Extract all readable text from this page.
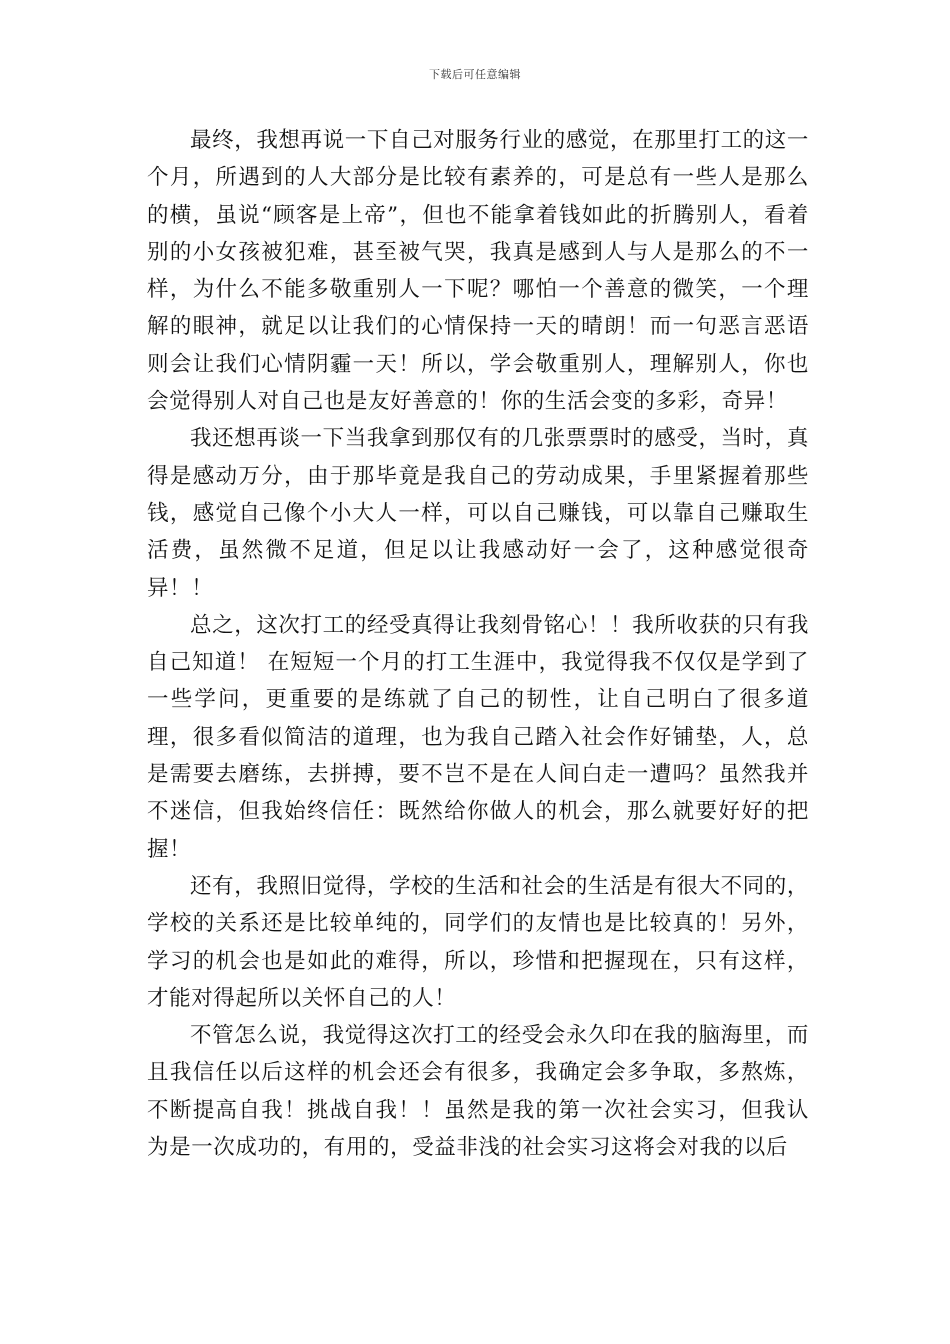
下载后可任意编辑

最终，我想再说一下自己对服务行业的感觉，在那里打工的这一个月，所遇到的人大部分是比较有素养的，可是总有一些人是那么的横，虽说“顾客是上帝”，但也不能拿着钱如此的折腾别人，看着别的小女孩被犯难，甚至被气哭，我真是感到人与人是那么的不一样，为什么不能多敬重别人一下呢？哪怕一个善意的微笑，一个理解的眼神，就足以让我们的心情保持一天的晴朗！而一句恶言恶语则会让我们心情阴霾一天！所以，学会敬重别人，理解别人，你也会觉得别人对自己也是友好善意的！你的生活会变的多彩，奇异！

我还想再谈一下当我拿到那仅有的几张票票时的感受，当时，真得是感动万分，由于那毕竟是我自己的劳动成果，手里紧握着那些钱，感觉自己像个小大人一样，可以自己赚钱，可以靠自己赚取生活费，虽然微不足道，但足以让我感动好一会了，这种感觉很奇异！！

总之，这次打工的经受真得让我刻骨铭心！！我所收获的只有我自己知道！ 在短短一个月的打工生涯中，我觉得我不仅仅是学到了一些学问，更重要的是练就了自己的韧性，让自己明白了很多道理，很多看似简洁的道理，也为我自己踏入社会作好铺垫，人，总是需要去磨练，去拼搏，要不岂不是在人间白走一遭吗？虽然我并不迷信，但我始终信任：既然给你做人的机会，那么就要好好的把握！

还有，我照旧觉得，学校的生活和社会的生活是有很大不同的，学校的关系还是比较单纯的，同学们的友情也是比较真的！另外，学习的机会也是如此的难得，所以，珍惜和把握现在，只有这样，才能对得起所以关怀自己的人！

不管怎么说，我觉得这次打工的经受会永久印在我的脑海里，而且我信任以后这样的机会还会有很多，我确定会多争取，多熬炼，不断提高自我！挑战自我！！虽然是我的第一次社会实习，但我认为是一次成功的，有用的，受益非浅的社会实习这将会对我的以后
